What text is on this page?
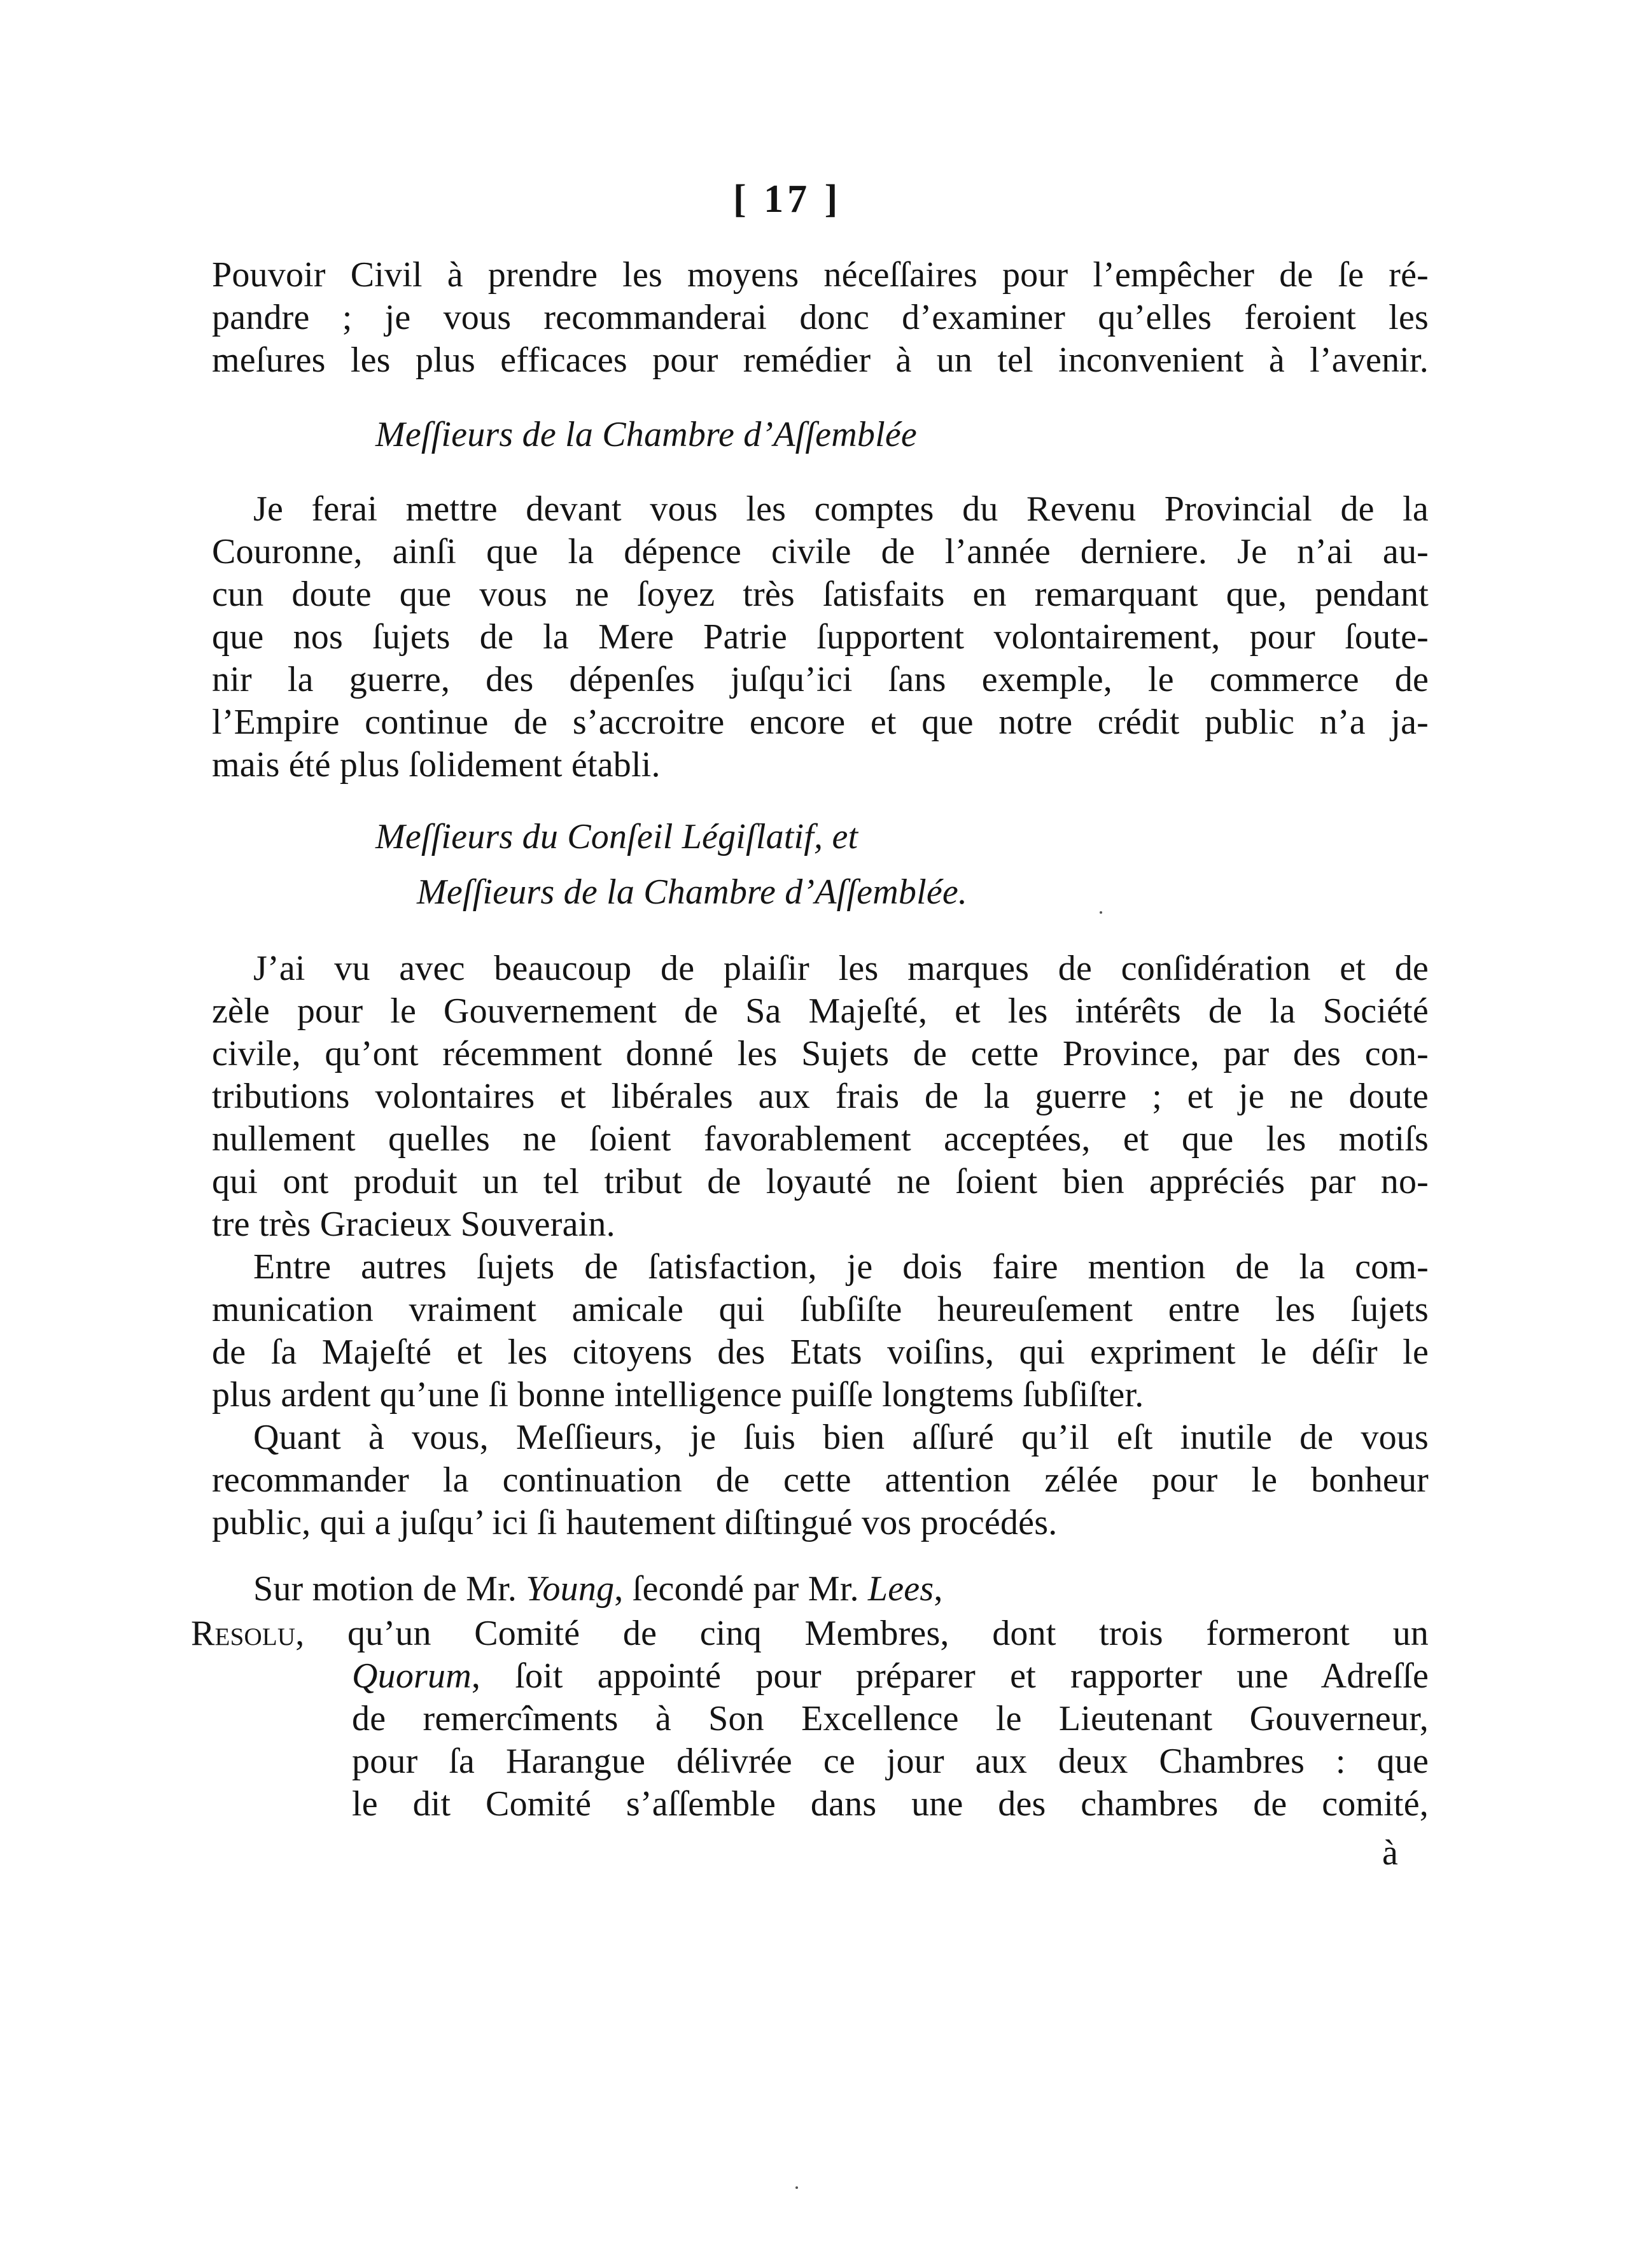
[ 17 ]
Pouvoir Civil à prendre les moyens néceſſaires pour l’empêcher de ſe ré-
pandre ; je vous recommanderai donc d’examiner qu’elles feroient les
meſures les plus efficaces pour remédier à un tel inconvenient à l’avenir.
Meſſieurs de la Chambre d’Aſſemblée
Je ferai mettre devant vous les comptes du Revenu Provincial de la
Couronne, ainſi que la dépence civile de l’année derniere. Je n’ai au-
cun doute que vous ne ſoyez très ſatisfaits en remarquant que, pendant
que nos ſujets de la Mere Patrie ſupportent volontairement, pour ſoute-
nir la guerre, des dépenſes juſqu’ici ſans exemple, le commerce de
l’Empire continue de s’accroitre encore et que notre crédit public n’a ja-
mais été plus ſolidement établi.
Meſſieurs du Conſeil Légiſlatif, et
Meſſieurs de la Chambre d’Aſſemblée.
J’ai vu avec beaucoup de plaiſir les marques de conſidération et de
zèle pour le Gouvernement de Sa Majeſté, et les intérêts de la Société
civile, qu’ont récemment donné les Sujets de cette Province, par des con-
tributions volontaires et libérales aux frais de la guerre ; et je ne doute
nullement quelles ne ſoient favorablement acceptées, et que les motiſs
qui ont produit un tel tribut de loyauté ne ſoient bien appréciés par no-
tre très Gracieux Souverain.
Entre autres ſujets de ſatisfaction, je dois faire mention de la com-
munication vraiment amicale qui ſubſiſte heureuſement entre les ſujets
de ſa Majeſté et les citoyens des Etats voiſins, qui expriment le déſir le
plus ardent qu’une ſi bonne intelligence puiſſe longtems ſubſiſter.
Quant à vous, Meſſieurs, je ſuis bien aſſuré qu’il eſt inutile de vous
recommander la continuation de cette attention zélée pour le bonheur
public, qui a juſqu’ ici ſi hautement diſtingué vos procédés.
Sur motion de Mr. Young, ſecondé par Mr. Lees,
Resolu, qu’un Comité de cinq Membres, dont trois formeront un
Quorum, ſoit appointé pour préparer et rapporter une Adreſſe
de remercîments à Son Excellence le Lieutenant Gouverneur,
pour ſa Harangue délivrée ce jour aux deux Chambres : que
le dit Comité s’aſſemble dans une des chambres de comité,
à
